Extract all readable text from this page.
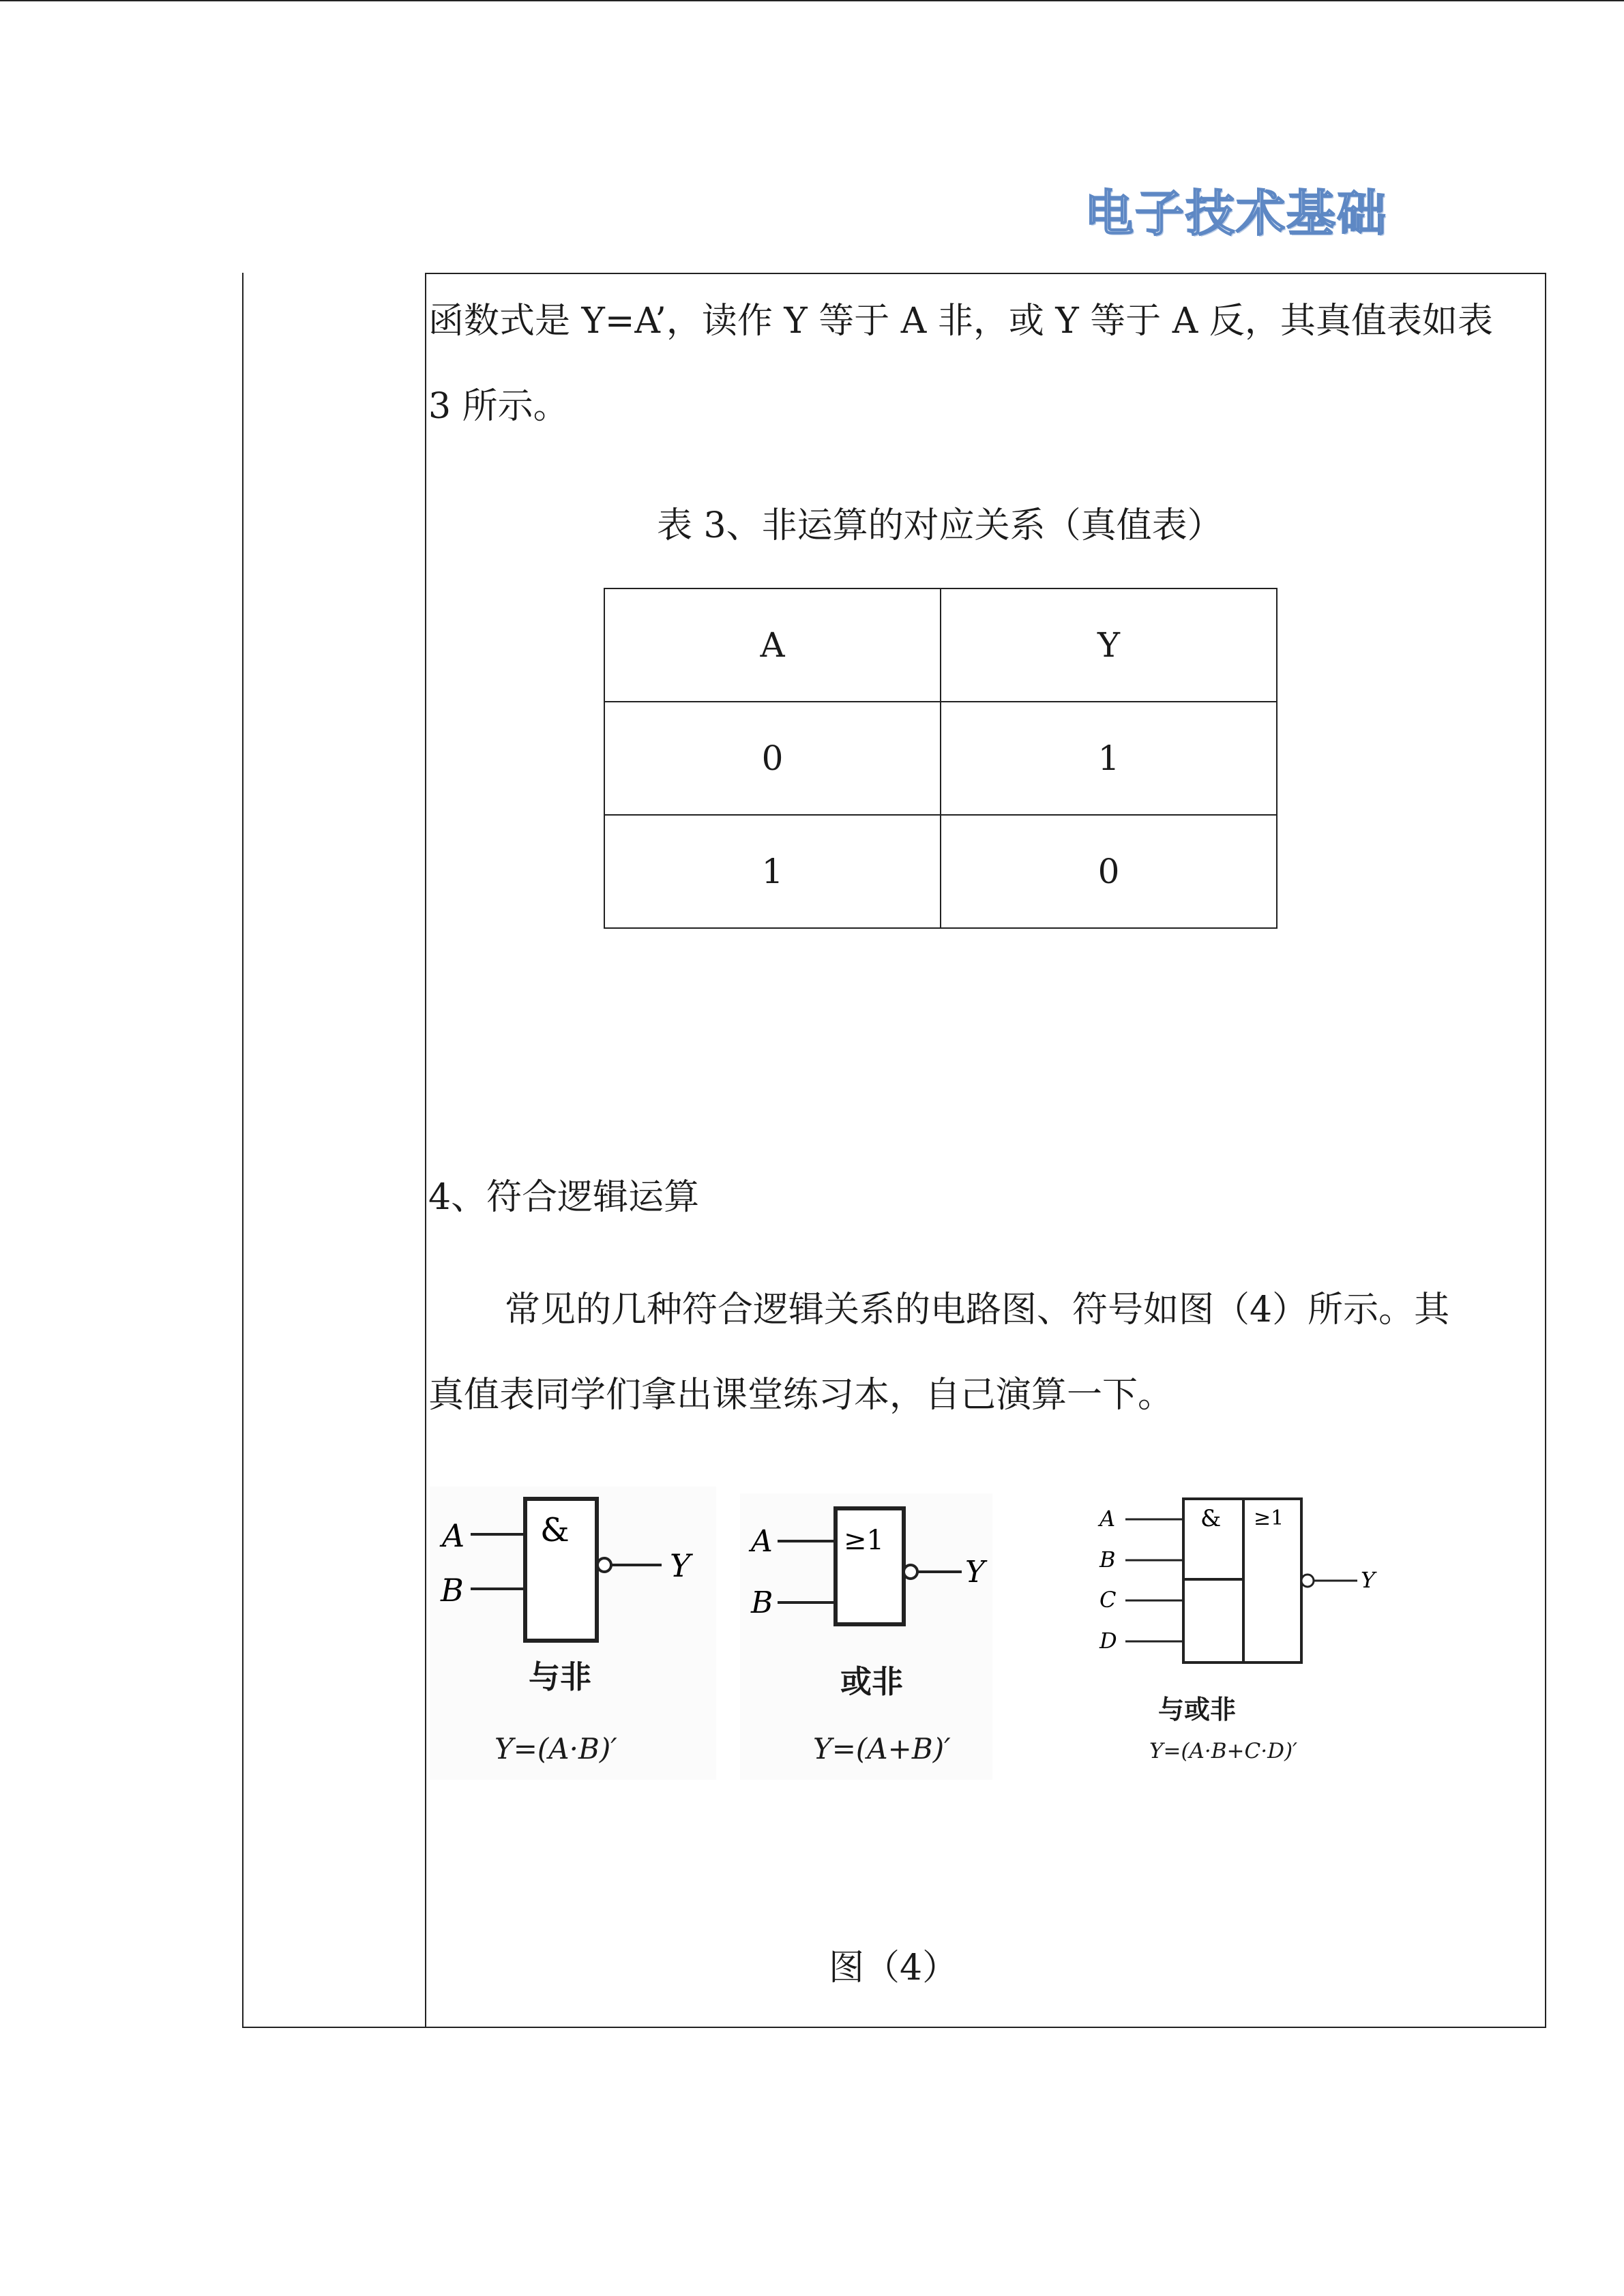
电子技术基础
函数式是 Y=A’，读作 Y 等于 A 非，或 Y 等于 A 反，其真值表如表
3 所示。
表 3、非运算的对应关系（真值表）
A	Y
0	1
1	0
4、符合逻辑运算
常见的几种符合逻辑关系的电路图、符号如图（4）所示。其
真值表同学们拿出课堂练习本，自己演算一下。
&
A
B
Y
与非
Y=(A·B)′
≥1
A
B
Y
或非
Y=(A+B)′
& ≥1
A
B
C
D
Y
与或非
Y=(A·B+C·D)′
图（4）
